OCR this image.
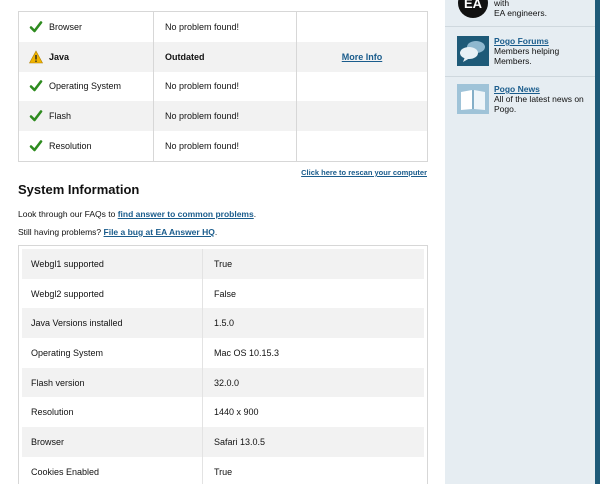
Browser	No problem found!
Java	Outdated	More Info
Operating System	No problem found!
Flash	No problem found!
Resolution	No problem found!
Click here to rescan your computer
System Information
Look through our FAQs to find answer to common problems.
Still having problems? File a bug at EA Answer HQ.
Webgl1 supported	True
Webgl2 supported	False
Java Versions installed	1.5.0
Operating System	Mac OS 10.15.3
Flash version	32.0.0
Resolution	1440 x 900
Browser	Safari 13.0.5
Cookies Enabled	True
EA with
EA engineers.
Pogo Forums
Members helping
Members.
Pogo News
All of the latest news on
Pogo.
